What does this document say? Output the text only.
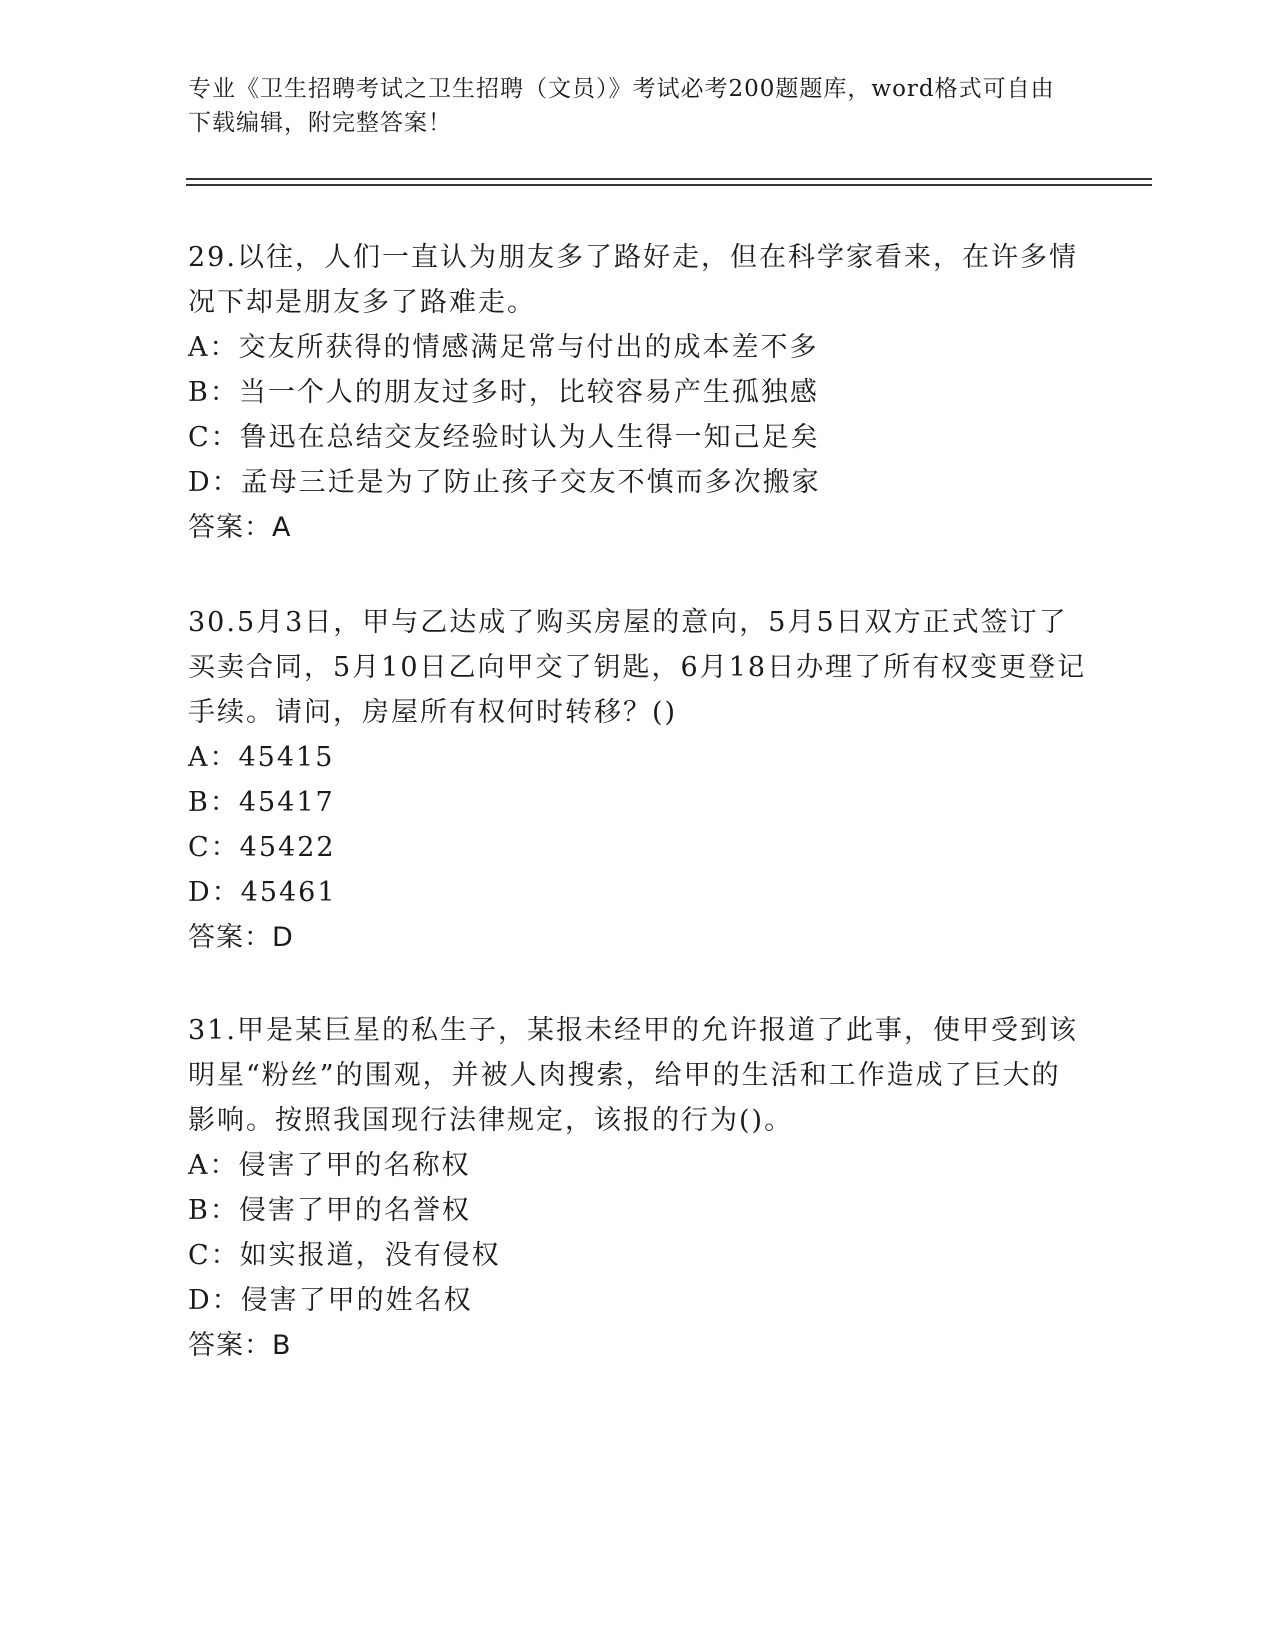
专业《卫生招聘考试之卫生招聘（文员）》考试必考200题题库，word格式可自由下载编辑，附完整答案！
29.以往，人们一直认为朋友多了路好走，但在科学家看来，在许多情况下却是朋友多了路难走。
A：交友所获得的情感满足常与付出的成本差不多
B：当一个人的朋友过多时，比较容易产生孤独感
C：鲁迅在总结交友经验时认为人生得一知己足矣
D：孟母三迁是为了防止孩子交友不慎而多次搬家
答案：A
30.5月3日，甲与乙达成了购买房屋的意向，5月5日双方正式签订了买卖合同，5月10日乙向甲交了钥匙，6月18日办理了所有权变更登记手续。请问，房屋所有权何时转移？()
A：45415
B：45417
C：45422
D：45461
答案：D
31.甲是某巨星的私生子，某报未经甲的允许报道了此事，使甲受到该明星“粉丝”的围观，并被人肉搜索，给甲的生活和工作造成了巨大的影响。按照我国现行法律规定，该报的行为()。
A：侵害了甲的名称权
B：侵害了甲的名誉权
C：如实报道，没有侵权
D：侵害了甲的姓名权
答案：B
